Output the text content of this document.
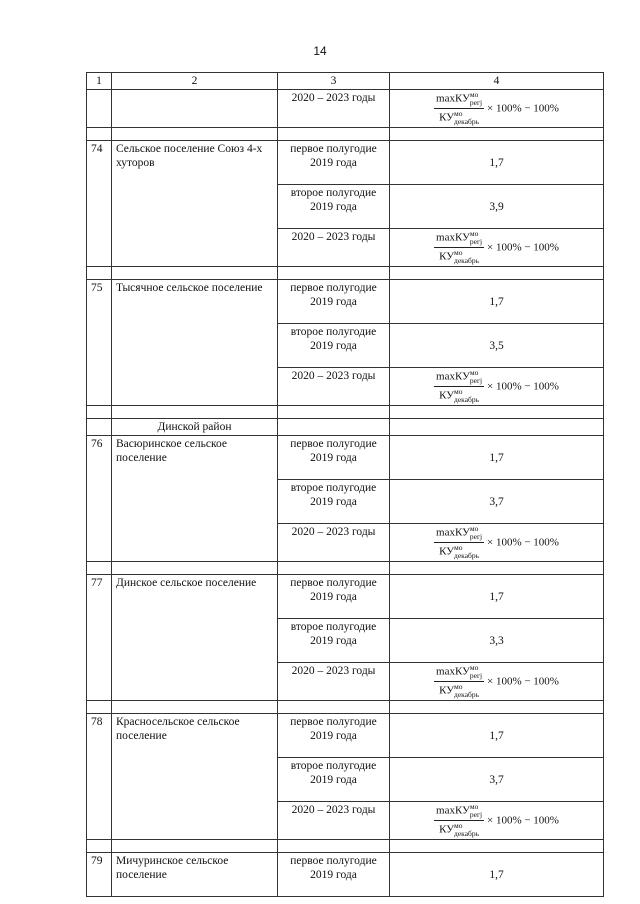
14
1	2	3	4
		2020 – 2023 годы	maxКУмо
регj
КУмо
декабрь
× 100% − 100%

74	Сельское поселение Союз 4-х хуторов	первое полугодие 2019 года	1,7
		второе полугодие 2019 года	3,9
		2020 – 2023 годы	maxКУмо
регj
КУмо
декабрь
× 100% − 100%

75	Тысячное сельское поселение	первое полугодие 2019 года	1,7
		второе полугодие 2019 года	3,5
		2020 – 2023 годы	maxКУмо
регj
КУмо
декабрь
× 100% − 100%

	Динской район		
76	Васюринское сельское поселение	первое полугодие 2019 года	1,7
		второе полугодие 2019 года	3,7
		2020 – 2023 годы	maxКУмо
регj
КУмо
декабрь
× 100% − 100%

77	Динское сельское поселение	первое полугодие 2019 года	1,7
		второе полугодие 2019 года	3,3
		2020 – 2023 годы	maxКУмо
регj
КУмо
декабрь
× 100% − 100%

78	Красносельское сельское поселение	первое полугодие 2019 года	1,7
		второе полугодие 2019 года	3,7
		2020 – 2023 годы	maxКУмо
регj
КУмо
декабрь
× 100% − 100%

79	Мичуринское сельское поселение	первое полугодие 2019 года	1,7
